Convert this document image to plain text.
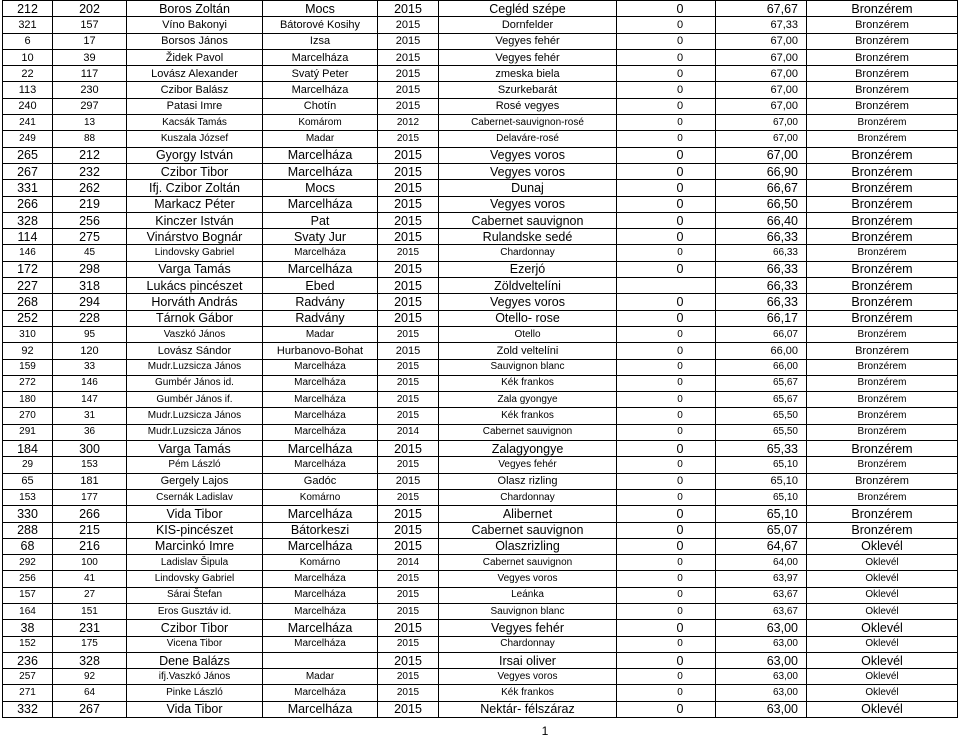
212	202	Boros Zoltán	Mocs	2015	Cegléd szépe	0	67,67	Bronzérem
321	157	Víno Bakonyi	Bátorové Kosihy	2015	Dornfelder	0	67,33	Bronzérem
6	17	Borsos János	Izsa	2015	Vegyes fehér	0	67,00	Bronzérem
10	39	Židek Pavol	Marcelháza	2015	Vegyes fehér	0	67,00	Bronzérem
22	117	Lovász Alexander	Svatý Peter	2015	zmeska biela	0	67,00	Bronzérem
113	230	Czibor Balász	Marcelháza	2015	Szurkebarát	0	67,00	Bronzérem
240	297	Patasi Imre	Chotín	2015	Rosé vegyes	0	67,00	Bronzérem
241	13	Kacsák Tamás	Komárom	2012	Cabernet-sauvignon-rosé	0	67,00	Bronzérem
249	88	Kuszala József	Madar	2015	Delaváre-rosé	0	67,00	Bronzérem
265	212	Gyorgy István	Marcelháza	2015	Vegyes voros	0	67,00	Bronzérem
267	232	Czibor Tibor	Marcelháza	2015	Vegyes voros	0	66,90	Bronzérem
331	262	Ifj. Czibor Zoltán	Mocs	2015	Dunaj	0	66,67	Bronzérem
266	219	Markacz Péter	Marcelháza	2015	Vegyes voros	0	66,50	Bronzérem
328	256	Kinczer István	Pat	2015	Cabernet sauvignon	0	66,40	Bronzérem
114	275	Vinárstvo Bognár	Svaty Jur	2015	Rulandske sedé	0	66,33	Bronzérem
146	45	Lindovsky Gabriel	Marcelháza	2015	Chardonnay	0	66,33	Bronzérem
172	298	Varga Tamás	Marcelháza	2015	Ezerjó	0	66,33	Bronzérem
227	318	Lukács pincészet	Ebed	2015	Zöldveltelíni		66,33	Bronzérem
268	294	Horváth András	Radvány	2015	Vegyes voros	0	66,33	Bronzérem
252	228	Tárnok Gábor	Radvány	2015	Otello- rose	0	66,17	Bronzérem
310	95	Vaszkó János	Madar	2015	Otello	0	66,07	Bronzérem
92	120	Lovász Sándor	Hurbanovo-Bohat	2015	Zold veltelíni	0	66,00	Bronzérem
159	33	Mudr.Luzsicza János	Marcelháza	2015	Sauvignon blanc	0	66,00	Bronzérem
272	146	Gumbér János id.	Marcelháza	2015	Kék frankos	0	65,67	Bronzérem
180	147	Gumbér János if.	Marcelháza	2015	Zala gyongye	0	65,67	Bronzérem
270	31	Mudr.Luzsicza János	Marcelháza	2015	Kék frankos	0	65,50	Bronzérem
291	36	Mudr.Luzsicza János	Marcelháza	2014	Cabernet sauvignon	0	65,50	Bronzérem
184	300	Varga Tamás	Marcelháza	2015	Zalagyongye	0	65,33	Bronzérem
29	153	Pém László	Marcelháza	2015	Vegyes fehér	0	65,10	Bronzérem
65	181	Gergely Lajos	Gadóc	2015	Olasz rizling	0	65,10	Bronzérem
153	177	Csernák Ladislav	Komárno	2015	Chardonnay	0	65,10	Bronzérem
330	266	Vida Tibor	Marcelháza	2015	Alibernet	0	65,10	Bronzérem
288	215	KIS-pincészet	Bátorkeszi	2015	Cabernet sauvignon	0	65,07	Bronzérem
68	216	Marcinkó Imre	Marcelháza	2015	Olaszrizling	0	64,67	Oklevél
292	100	Ladislav Šipula	Komárno	2014	Cabernet sauvignon	0	64,00	Oklevél
256	41	Lindovsky Gabriel	Marcelháza	2015	Vegyes voros	0	63,97	Oklevél
157	27	Sárai Štefan	Marcelháza	2015	Leánka	0	63,67	Oklevél
164	151	Eros Gusztáv id.	Marcelháza	2015	Sauvignon blanc	0	63,67	Oklevél
38	231	Czibor Tibor	Marcelháza	2015	Vegyes fehér	0	63,00	Oklevél
152	175	Vicena Tibor	Marcelháza	2015	Chardonnay	0	63,00	Oklevél
236	328	Dene Balázs		2015	Irsai oliver	0	63,00	Oklevél
257	92	ifj.Vaszkó János	Madar	2015	Vegyes voros	0	63,00	Oklevél
271	64	Pinke László	Marcelháza	2015	Kék frankos	0	63,00	Oklevél
332	267	Vida Tibor	Marcelháza	2015	Nektár- félszáraz	0	63,00	Oklevél
1
